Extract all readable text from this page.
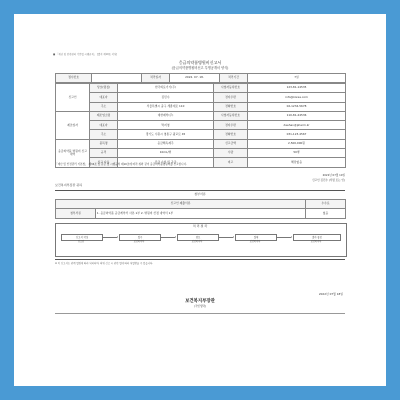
■ 「재난 및 안전관리 기본법 시행규칙」 [별지 제10호 서식]
응급의약품병원비신고서
(응급의약품병원비신고 투명공개서 양식)
접수번호		처리일자	2022. 07. 18.	처리기간	7일
신고인	상호(명칭)	한국의료기기(주)	사업자등록번호	123-81-14535
	대표자	김민수	전자우편	info@korea.com
	주소	서울특별시 중구 세종대로 110	전화번호	02-1234-5678
제조업자	제조업소명	대한제약(주)	사업자등록번호	110-81-24536
	대표자	박지영	전자우편	daehan@pharm.kr
	주소	경기도 수원시 영통구 광교로 45	전화번호	031-123-4567
응급의약품 병원비 신고내역	품목명	응급해독제주	신고금액	2,500,000원
	규격	10mL/병	수량	50병
	신고 사유	긴급 수입 및 공급	비고	해당없음
「재난 및 안전관리 기본법」 제34조 및 같은 법 시행규칙 제10조에 따라 위와 같이 응급의약품병원비를 신고합니다.
2022년 07월 14일
신고인 김민수 (서명 또는 인)
보건복지부장관 귀하
첨부서류
신고인 제출서류		수수료
첨부서류	1. 응급의약품 공급계약서 사본 1부 2. 병원비 산정 내역서 1부	없음
처 리 절 차
신고서 작성	접수	검토	결재	결과 통보
신고인	보건복지부	보건복지부	보건복지부	보건복지부
※ 이 신고서는 관계 법령에 따라 처리되며, 허위 신고 시 관련 법에 따라 처벌받을 수 있습니다.
2022년 07월 18일
보건복지부장관
(직인생략)
